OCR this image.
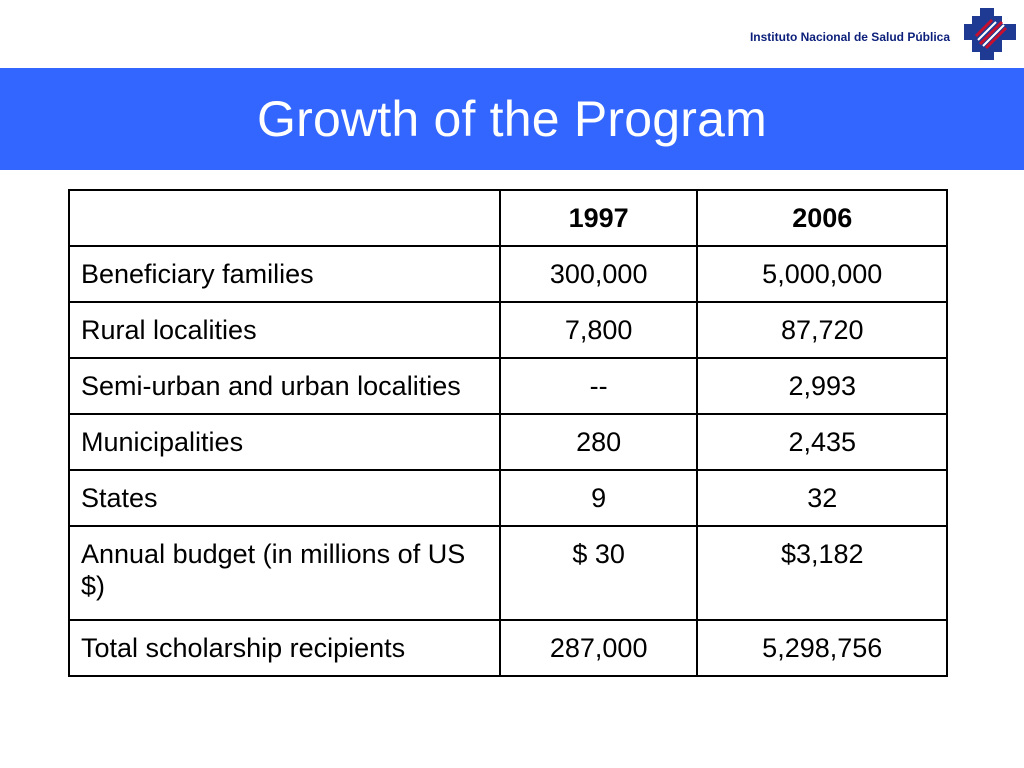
Instituto Nacional de Salud Pública
Growth of the Program
	1997	2006
Beneficiary families	300,000	5,000,000
Rural localities	7,800	87,720
Semi-urban and urban localities	--	2,993
Municipalities	280	2,435
States	9	32
Annual budget (in millions of US $)	$ 30	$3,182
Total scholarship recipients	287,000	5,298,756
